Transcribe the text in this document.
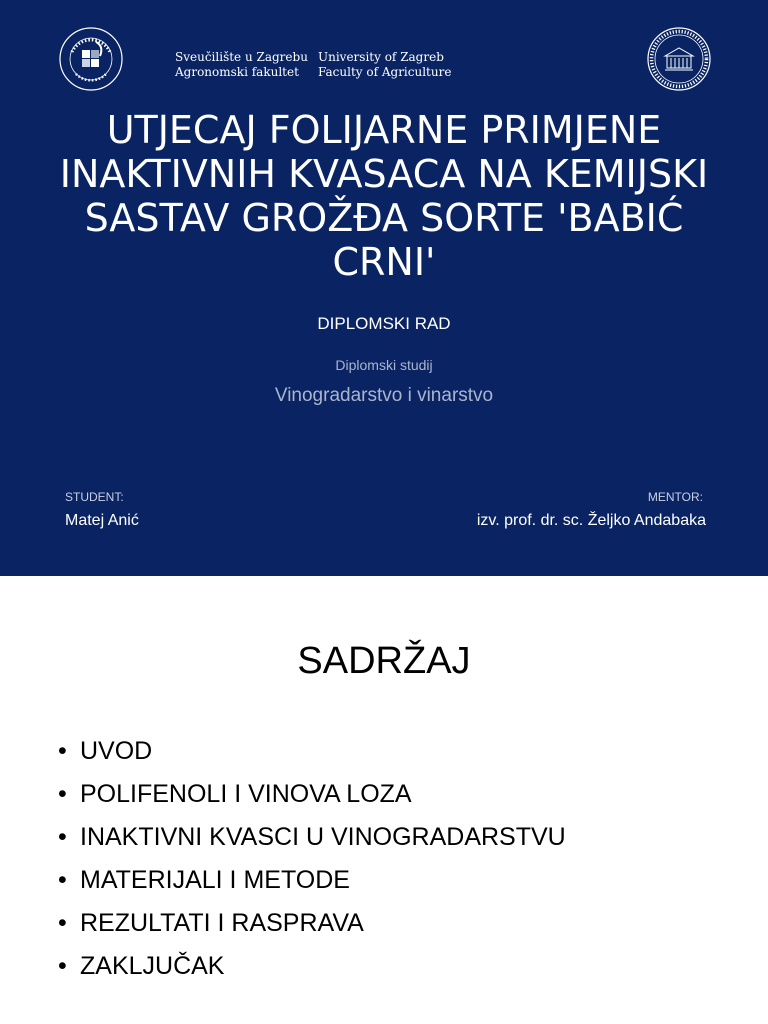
Sveučilište u Zagrebu
Agronomski fakultet
University of Zagreb
Faculty of Agriculture
UTJECAJ FOLIJARNE PRIMJENE INAKTIVNIH KVASACA NA KEMIJSKI SASTAV GROŽĐA SORTE 'BABIĆ CRNI'
DIPLOMSKI RAD
Diplomski studij
Vinogradarstvo i vinarstvo
STUDENT:
Matej Anić
MENTOR:
izv. prof. dr. sc. Željko Andabaka
SADRŽAJ
• UVOD
• POLIFENOLI I VINOVA LOZA
• INAKTIVNI KVASCI U VINOGRADARSTVU
• MATERIJALI I METODE
• REZULTATI I RASPRAVA
• ZAKLJUČAK
